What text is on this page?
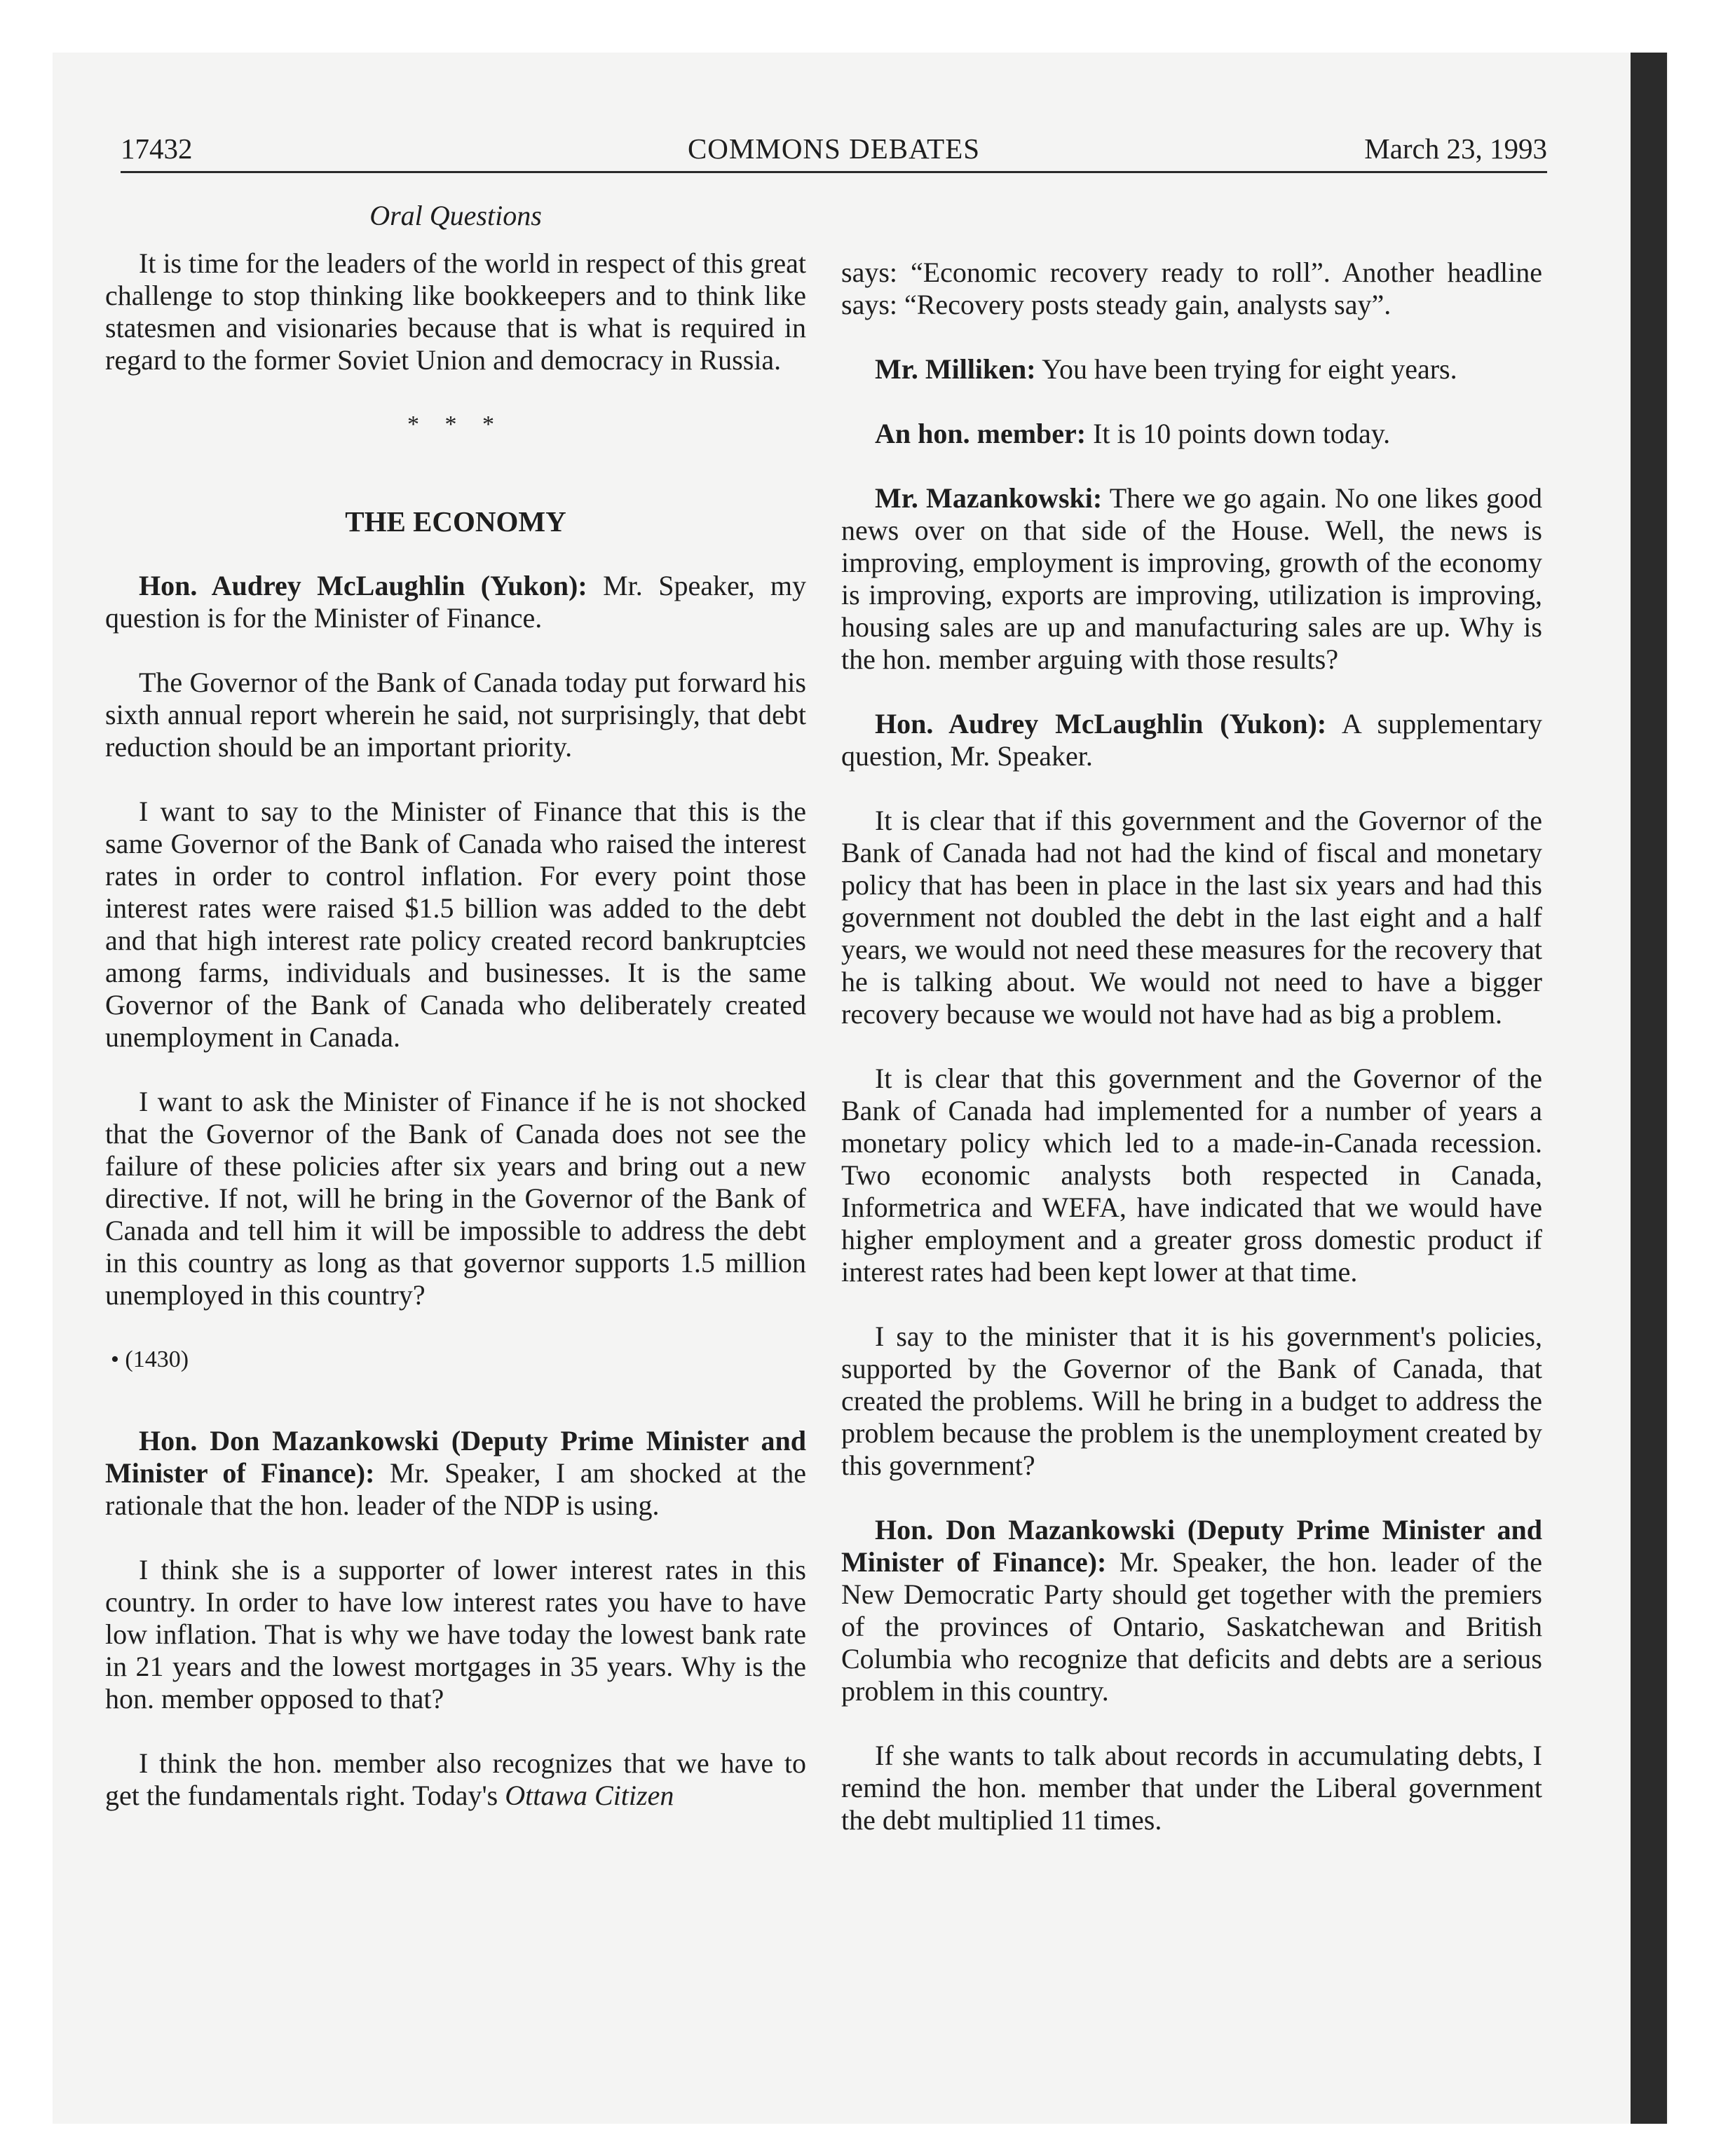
17432	COMMONS DEBATES	March 23, 1993
Oral Questions

It is time for the leaders of the world in respect of this great challenge to stop thinking like bookkeepers and to think like statesmen and visionaries because that is what is required in regard to the former Soviet Union and democracy in Russia.

* * *

THE ECONOMY

Hon. Audrey McLaughlin (Yukon): Mr. Speaker, my question is for the Minister of Finance.

The Governor of the Bank of Canada today put forward his sixth annual report wherein he said, not surprisingly, that debt reduction should be an important priority.

I want to say to the Minister of Finance that this is the same Governor of the Bank of Canada who raised the interest rates in order to control inflation. For every point those interest rates were raised $1.5 billion was added to the debt and that high interest rate policy created record bankruptcies among farms, individuals and businesses. It is the same Governor of the Bank of Canada who deliberately created unemployment in Canada.

I want to ask the Minister of Finance if he is not shocked that the Governor of the Bank of Canada does not see the failure of these policies after six years and bring out a new directive. If not, will he bring in the Governor of the Bank of Canada and tell him it will be impossible to address the debt in this country as long as that governor supports 1.5 million unemployed in this country?

• (1430)

Hon. Don Mazankowski (Deputy Prime Minister and Minister of Finance): Mr. Speaker, I am shocked at the rationale that the hon. leader of the NDP is using.

I think she is a supporter of lower interest rates in this country. In order to have low interest rates you have to have low inflation. That is why we have today the lowest bank rate in 21 years and the lowest mortgages in 35 years. Why is the hon. member opposed to that?

I think the hon. member also recognizes that we have to get the fundamentals right. Today's Ottawa Citizen

says: “Economic recovery ready to roll”. Another headline says: “Recovery posts steady gain, analysts say”.

Mr. Milliken: You have been trying for eight years.

An hon. member: It is 10 points down today.

Mr. Mazankowski: There we go again. No one likes good news over on that side of the House. Well, the news is improving, employment is improving, growth of the economy is improving, exports are improving, utilization is improving, housing sales are up and manufacturing sales are up. Why is the hon. member arguing with those results?

Hon. Audrey McLaughlin (Yukon): A supplementary question, Mr. Speaker.

It is clear that if this government and the Governor of the Bank of Canada had not had the kind of fiscal and monetary policy that has been in place in the last six years and had this government not doubled the debt in the last eight and a half years, we would not need these measures for the recovery that he is talking about. We would not need to have a bigger recovery because we would not have had as big a problem.

It is clear that this government and the Governor of the Bank of Canada had implemented for a number of years a monetary policy which led to a made-in-Canada recession. Two economic analysts both respected in Canada, Informetrica and WEFA, have indicated that we would have higher employment and a greater gross domestic product if interest rates had been kept lower at that time.

I say to the minister that it is his government's policies, supported by the Governor of the Bank of Canada, that created the problems. Will he bring in a budget to address the problem because the problem is the unemployment created by this government?

Hon. Don Mazankowski (Deputy Prime Minister and Minister of Finance): Mr. Speaker, the hon. leader of the New Democratic Party should get together with the premiers of the provinces of Ontario, Saskatchewan and British Columbia who recognize that deficits and debts are a serious problem in this country.

If she wants to talk about records in accumulating debts, I remind the hon. member that under the Liberal government the debt multiplied 11 times.
